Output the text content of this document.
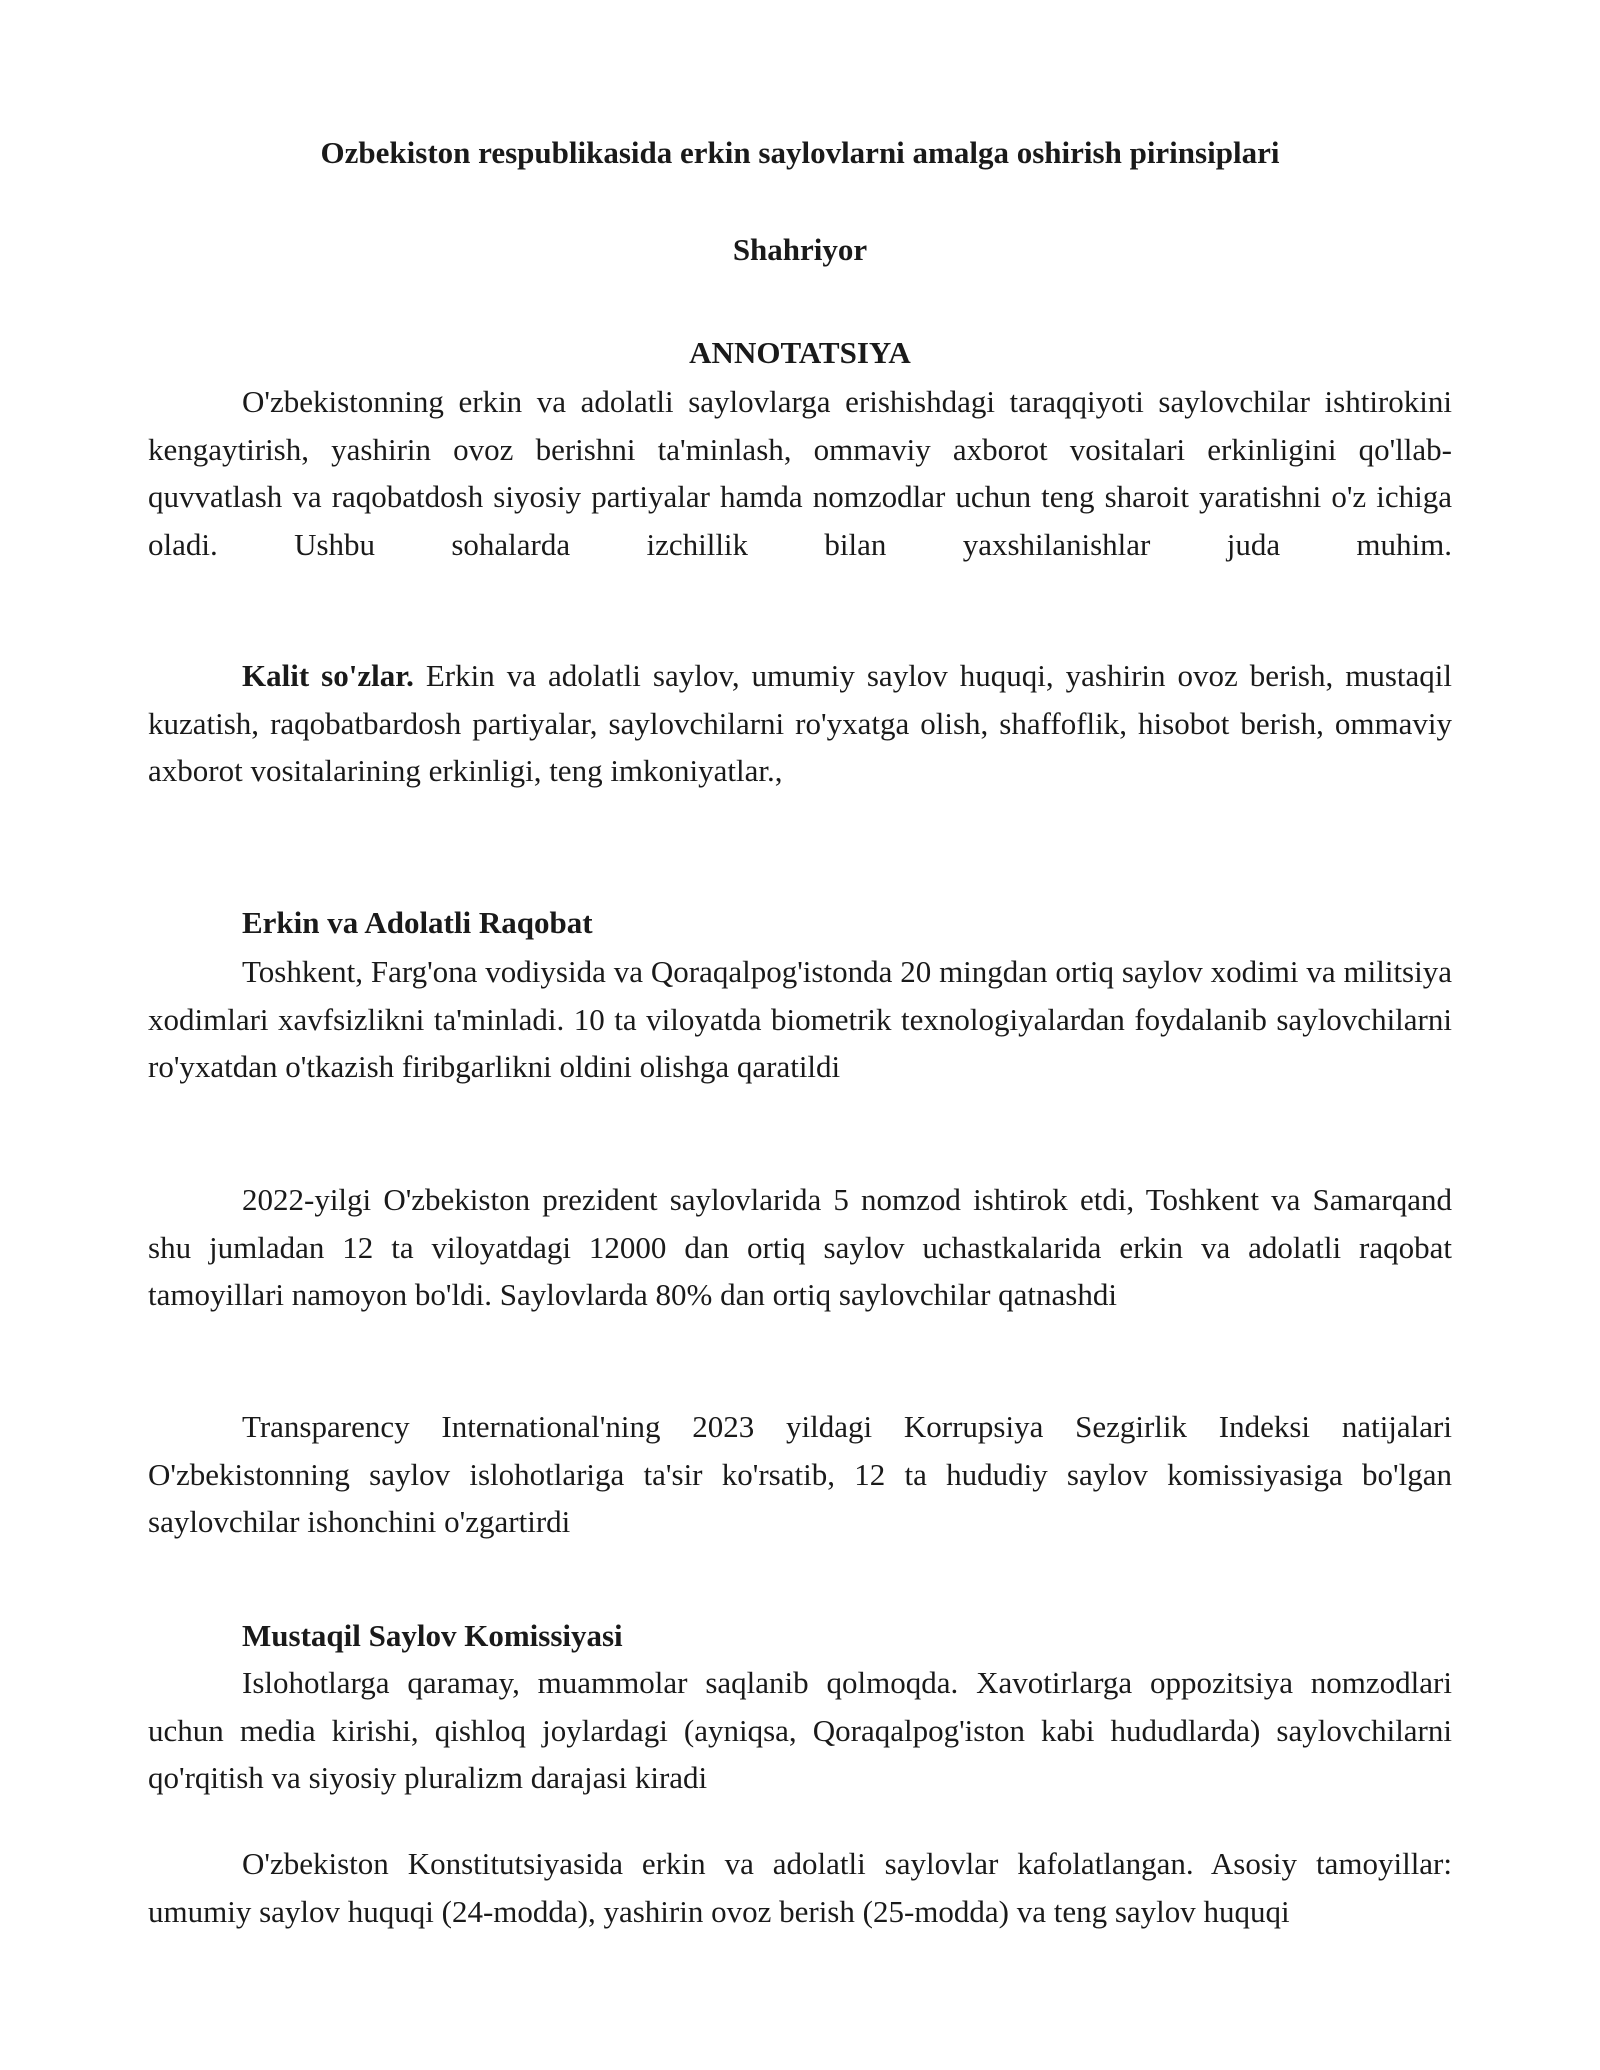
Ozbekiston respublikasida erkin saylovlarni amalga oshirish pirinsiplari
Shahriyor
ANNOTATSIYA

O'zbekistonning erkin va adolatli saylovlarga erishishdagi taraqqiyoti saylovchilar ishtirokini kengaytirish, yashirin ovoz berishni ta'minlash, ommaviy axborot vositalari erkinligini qo'llab-quvvatlash va raqobatdosh siyosiy partiyalar hamda nomzodlar uchun teng sharoit yaratishni o'z ichiga oladi. Ushbu sohalarda izchillik bilan yaxshilanishlar juda muhim.

Kalit so'zlar. Erkin va adolatli saylov, umumiy saylov huquqi, yashirin ovoz berish, mustaqil kuzatish, raqobatbardosh partiyalar, saylovchilarni ro'yxatga olish, shaffoflik, hisobot berish, ommaviy axborot vositalarining erkinligi, teng imkoniyatlar.,

Erkin va Adolatli Raqobat

Toshkent, Farg'ona vodiysida va Qoraqalpog'istonda 20 mingdan ortiq saylov xodimi va militsiya xodimlari xavfsizlikni ta'minladi. 10 ta viloyatda biometrik texnologiyalardan foydalanib saylovchilarni ro'yxatdan o'tkazish firibgarlikni oldini olishga qaratildi

2022-yilgi O'zbekiston prezident saylovlarida 5 nomzod ishtirok etdi, Toshkent va Samarqand shu jumladan 12 ta viloyatdagi 12000 dan ortiq saylov uchastkalarida erkin va adolatli raqobat tamoyillari namoyon bo'ldi. Saylovlarda 80% dan ortiq saylovchilar qatnashdi

Transparency International'ning 2023 yildagi Korrupsiya Sezgirlik Indeksi natijalari O'zbekistonning saylov islohotlariga ta'sir ko'rsatib, 12 ta hududiy saylov komissiyasiga bo'lgan saylovchilar ishonchini o'zgartirdi

Mustaqil Saylov Komissiyasi

Islohotlarga qaramay, muammolar saqlanib qolmoqda. Xavotirlarga oppozitsiya nomzodlari uchun media kirishi, qishloq joylardagi (ayniqsa, Qoraqalpog'iston kabi hududlarda) saylovchilarni qo'rqitish va siyosiy pluralizm darajasi kiradi

O'zbekiston Konstitutsiyasida erkin va adolatli saylovlar kafolatlangan. Asosiy tamoyillar: umumiy saylov huquqi (24-modda), yashirin ovoz berish (25-modda) va teng saylov huquqi
